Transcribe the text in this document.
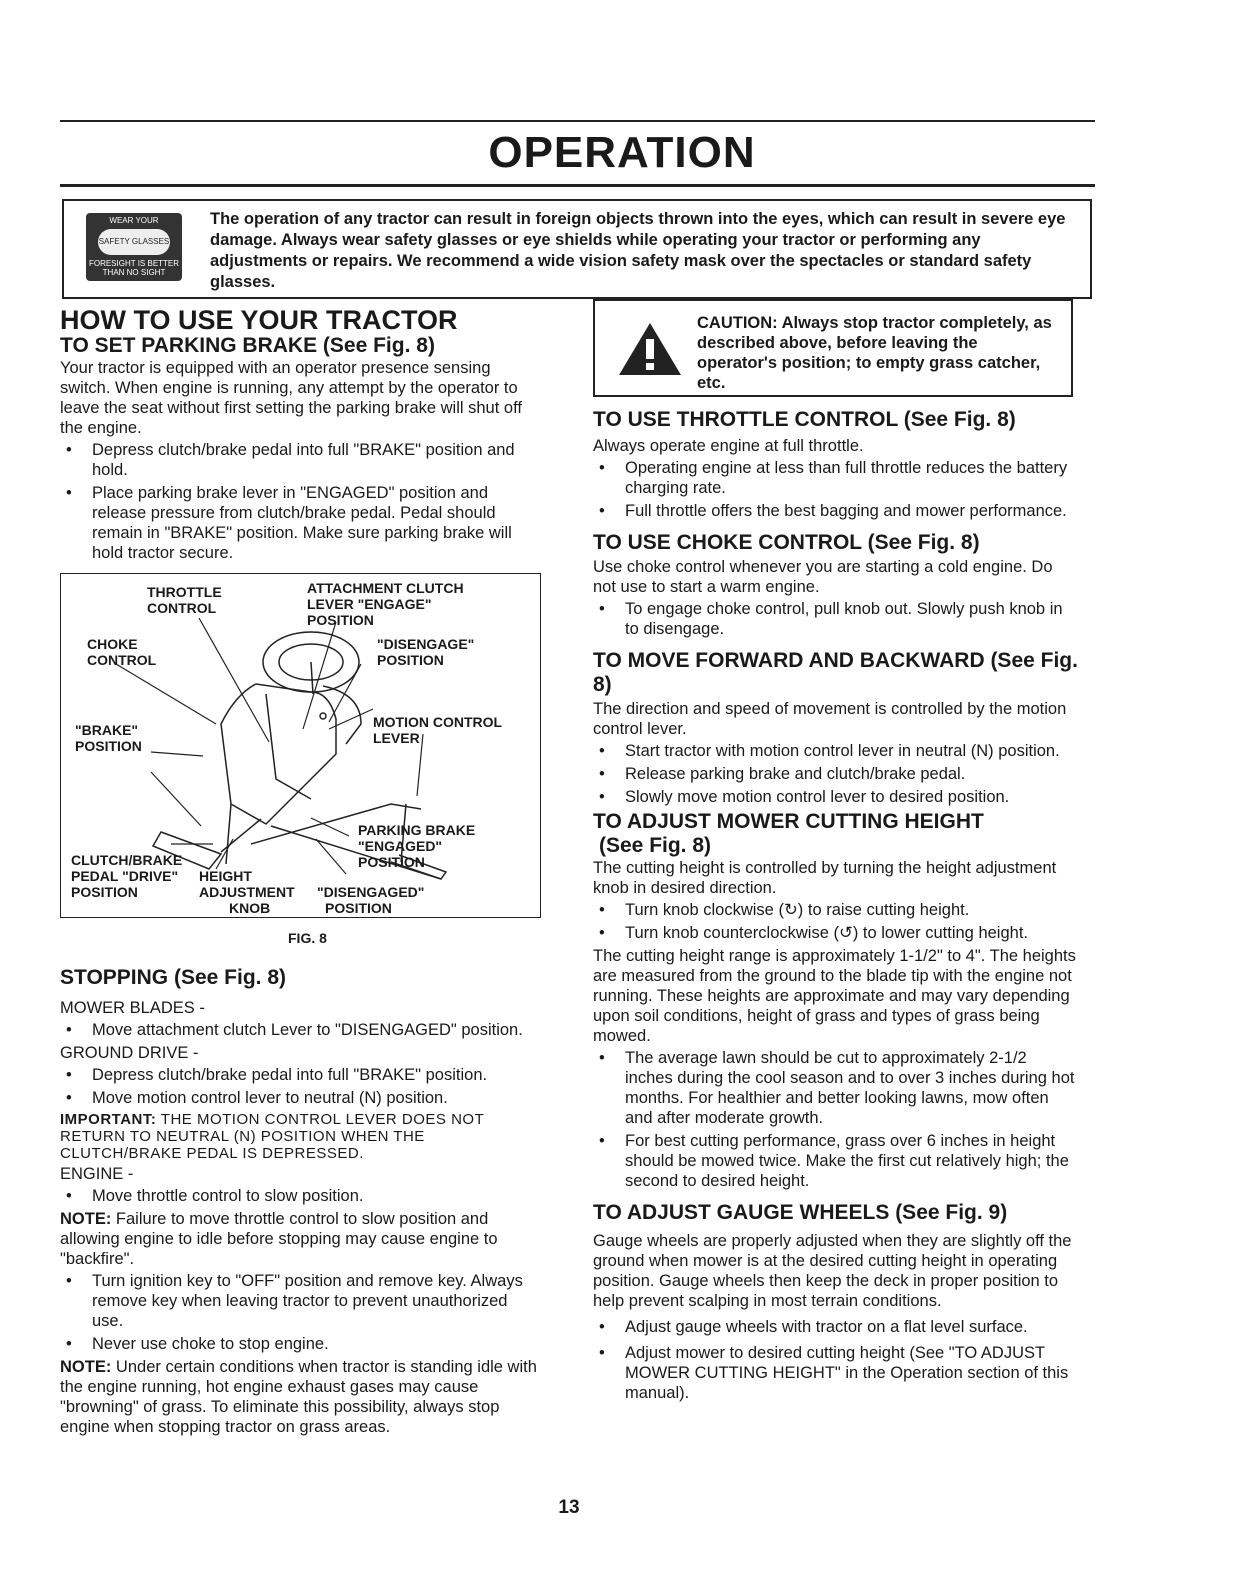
OPERATION
WEAR YOUR
SAFETY GLASSES
FORESIGHT IS BETTER THAN NO SIGHT
The operation of any tractor can result in foreign objects thrown into the eyes, which can result in severe eye damage. Always wear safety glasses or eye shields while operating your tractor or performing any adjustments or repairs. We recommend a wide vision safety mask over the spectacles or standard safety glasses.
HOW TO USE YOUR TRACTOR
TO SET PARKING BRAKE (See Fig. 8)

Your tractor is equipped with an operator presence sensing switch. When engine is running, any attempt by the operator to leave the seat without first setting the parking brake will shut off the engine.

• Depress clutch/brake pedal into full "BRAKE" position and hold.
• Place parking brake lever in "ENGAGED" position and release pressure from clutch/brake pedal. Pedal should remain in "BRAKE" position. Make sure parking brake will hold tractor secure.
THROTTLE
CONTROL
ATTACHMENT CLUTCH
LEVER "ENGAGE"
POSITION
CHOKE
CONTROL
"DISENGAGE"
POSITION
MOTION CONTROL
LEVER
"BRAKE"
POSITION
PARKING BRAKE
"ENGAGED"
POSITION
CLUTCH/BRAKE
PEDAL "DRIVE"
POSITION
HEIGHT
ADJUSTMENT
KNOB
"DISENGAGED"
POSITION
FIG. 8
STOPPING (See Fig. 8)

MOWER BLADES -

• Move attachment clutch Lever to "DISENGAGED" position.

GROUND DRIVE -

• Depress clutch/brake pedal into full "BRAKE" position.
• Move motion control lever to neutral (N) position.

IMPORTANT: THE MOTION CONTROL LEVER DOES NOT RETURN TO NEUTRAL (N) POSITION WHEN THE CLUTCH/BRAKE PEDAL IS DEPRESSED.

ENGINE -

• Move throttle control to slow position.

NOTE: Failure to move throttle control to slow position and allowing engine to idle before stopping may cause engine to "backfire".

• Turn ignition key to "OFF" position and remove key. Always remove key when leaving tractor to prevent unauthorized use.
• Never use choke to stop engine.

NOTE: Under certain conditions when tractor is standing idle with the engine running, hot engine exhaust gases may cause "browning" of grass. To eliminate this possibility, always stop engine when stopping tractor on grass areas.

CAUTION: Always stop tractor completely, as described above, before leaving the operator's position; to empty grass catcher, etc.
TO USE THROTTLE CONTROL (See Fig. 8)

Always operate engine at full throttle.

• Operating engine at less than full throttle reduces the battery charging rate.
• Full throttle offers the best bagging and mower performance.
TO USE CHOKE CONTROL (See Fig. 8)

Use choke control whenever you are starting a cold engine. Do not use to start a warm engine.

• To engage choke control, pull knob out. Slowly push knob in to disengage.
TO MOVE FORWARD AND BACKWARD (See Fig. 8)

The direction and speed of movement is controlled by the motion control lever.

• Start tractor with motion control lever in neutral (N) position.
• Release parking brake and clutch/brake pedal.
• Slowly move motion control lever to desired position.
TO ADJUST MOWER CUTTING HEIGHT
(See Fig. 8)

The cutting height is controlled by turning the height adjustment knob in desired direction.

• Turn knob clockwise (↻) to raise cutting height.
• Turn knob counterclockwise (↺) to lower cutting height.

The cutting height range is approximately 1-1/2" to 4". The heights are measured from the ground to the blade tip with the engine not running. These heights are approximate and may vary depending upon soil conditions, height of grass and types of grass being mowed.

• The average lawn should be cut to approximately 2-1/2 inches during the cool season and to over 3 inches during hot months. For healthier and better looking lawns, mow often and after moderate growth.
• For best cutting performance, grass over 6 inches in height should be mowed twice. Make the first cut relatively high; the second to desired height.
TO ADJUST GAUGE WHEELS (See Fig. 9)

Gauge wheels are properly adjusted when they are slightly off the ground when mower is at the desired cutting height in operating position. Gauge wheels then keep the deck in proper position to help prevent scalping in most terrain conditions.

• Adjust gauge wheels with tractor on a flat level surface.
• Adjust mower to desired cutting height (See "TO ADJUST MOWER CUTTING HEIGHT" in the Operation section of this manual).
13
